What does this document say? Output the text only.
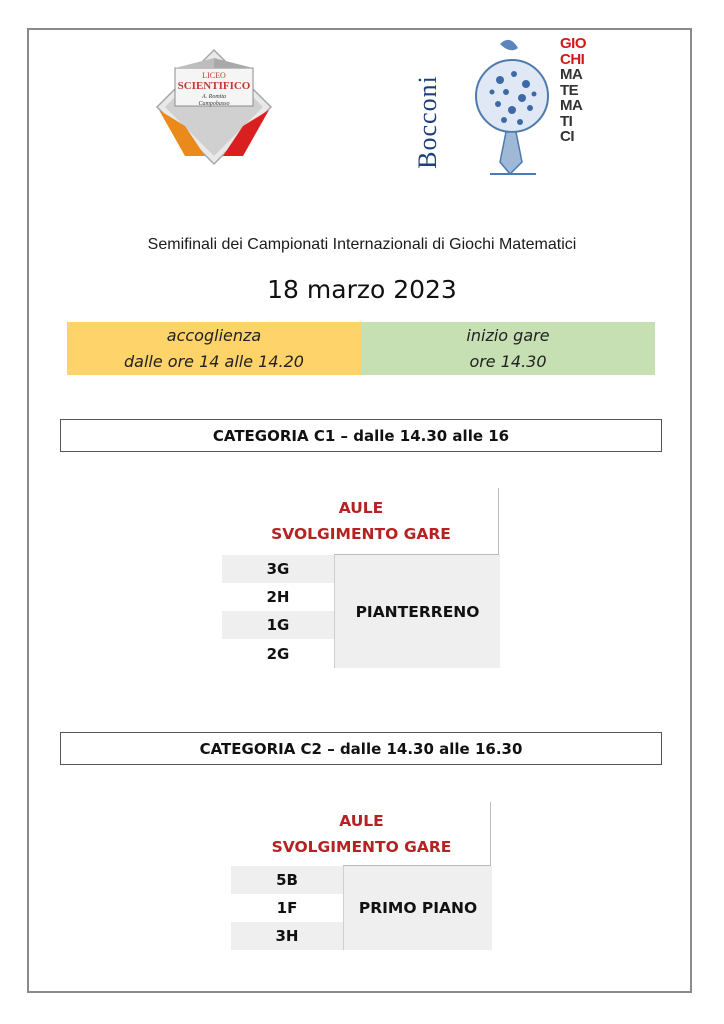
LICEO
SCIENTIFICO
A. Romita
Campobasso	Bocconi
GIO
CHI
MA
TE
MA
TI
CI
Semifinali dei Campionati Internazionali di Giochi Matematici
18 marzo 2023
accoglienza
dalle ore 14 alle 14.20
inizio gare
ore 14.30
CATEGORIA C1 – dalle 14.30 alle 16
AULE
SVOLGIMENTO GARE
3G
2H
1G
2G
PIANTERRENO
CATEGORIA C2 – dalle 14.30 alle 16.30
AULE
SVOLGIMENTO GARE
5B
1F
3H
PRIMO PIANO
